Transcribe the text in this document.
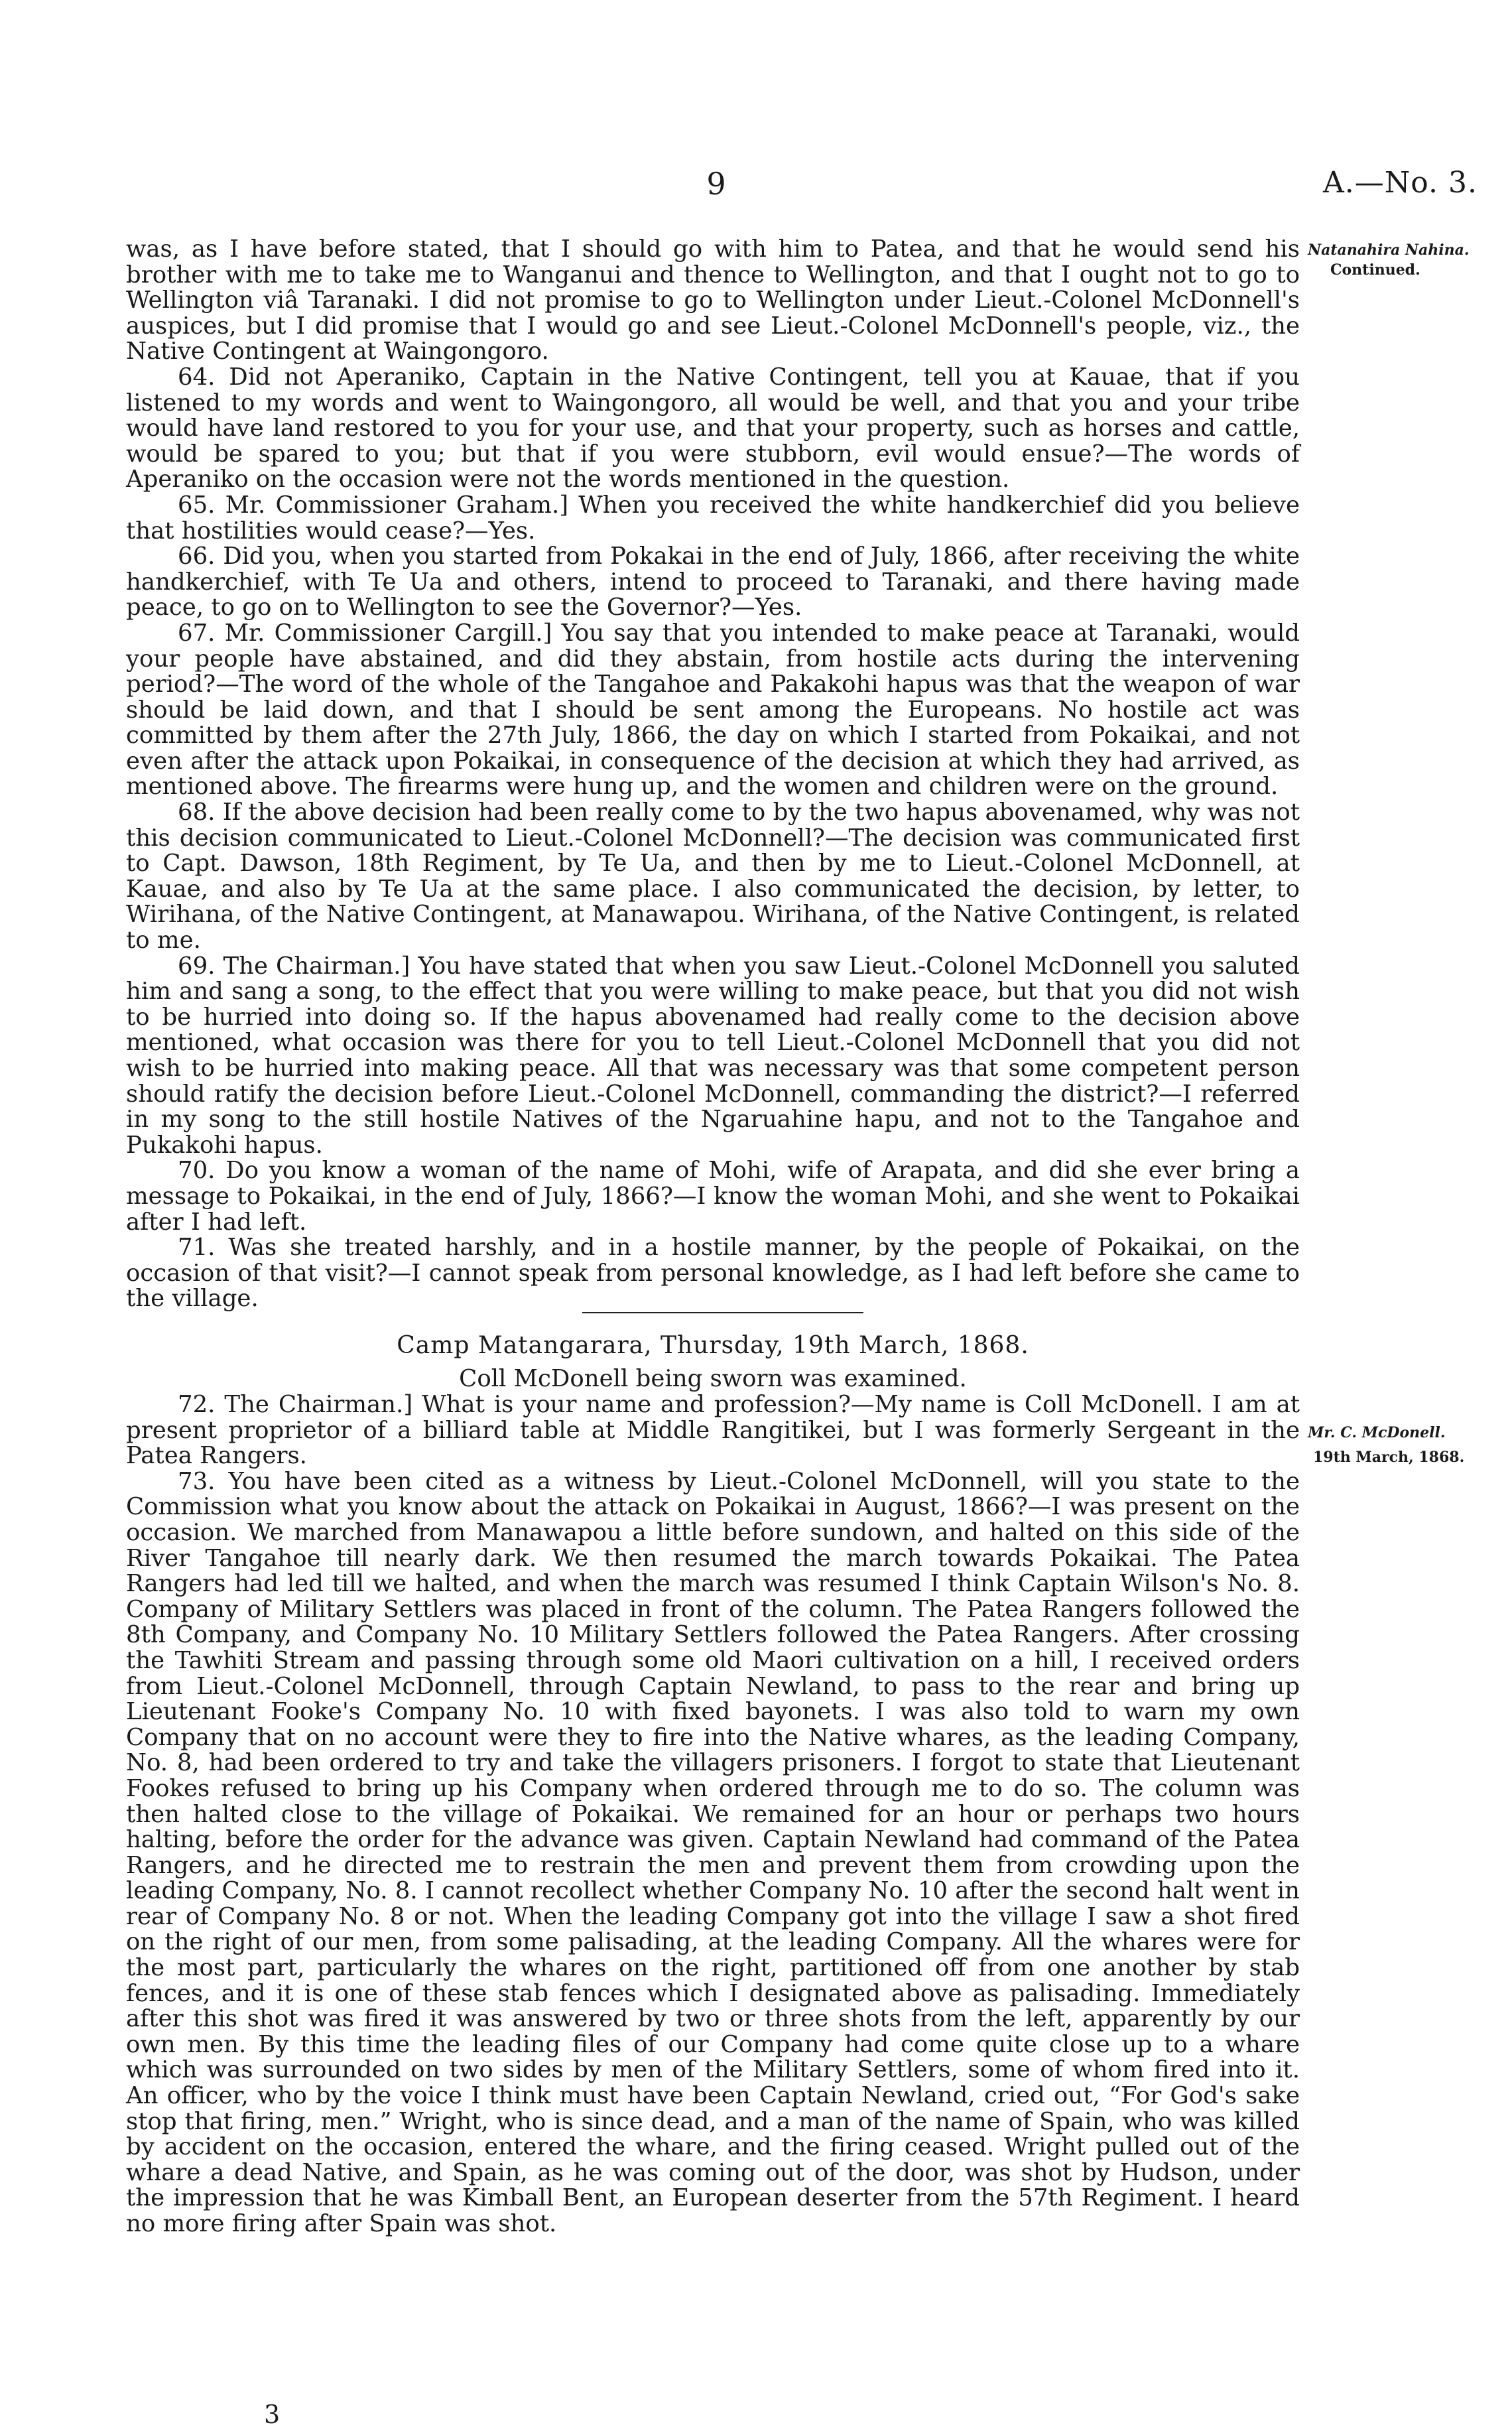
9	A.—No. 3.
Natanahira Nahina.
Continued.

was, as I have before stated, that I should go with him to Patea, and that he would send his brother with me to take me to Wanganui and thence to Wellington, and that I ought not to go to Wellington viâ Taranaki. I did not promise to go to Wellington under Lieut.-Colonel McDonnell's auspices, but I did promise that I would go and see Lieut.-Colonel McDonnell's people, viz., the Native Contingent at Waingongoro.

64. Did not Aperaniko, Captain in the Native Contingent, tell you at Kauae, that if you listened to my words and went to Waingongoro, all would be well, and that you and your tribe would have land restored to you for your use, and that your property, such as horses and cattle, would be spared to you; but that if you were stubborn, evil would ensue?—The words of Aperaniko on the occasion were not the words mentioned in the question.

65. Mr. Commissioner Graham.] When you received the white handkerchief did you believe that hostilities would cease?—Yes.

66. Did you, when you started from Pokakai in the end of July, 1866, after receiving the white handkerchief, with Te Ua and others, intend to proceed to Taranaki, and there having made peace, to go on to Wellington to see the Governor?—Yes.

67. Mr. Commissioner Cargill.] You say that you intended to make peace at Taranaki, would your people have abstained, and did they abstain, from hostile acts during the intervening period?—The word of the whole of the Tangahoe and Pakakohi hapus was that the weapon of war should be laid down, and that I should be sent among the Europeans. No hostile act was committed by them after the 27th July, 1866, the day on which I started from Pokaikai, and not even after the attack upon Pokaikai, in consequence of the decision at which they had arrived, as mentioned above. The firearms were hung up, and the women and children were on the ground.

68. If the above decision had been really come to by the two hapus abovenamed, why was not this decision communicated to Lieut.-Colonel McDonnell?—The decision was communicated first to Capt. Dawson, 18th Regiment, by Te Ua, and then by me to Lieut.-Colonel McDonnell, at Kauae, and also by Te Ua at the same place. I also communicated the decision, by letter, to Wirihana, of the Native Contingent, at Manawapou. Wirihana, of the Native Contingent, is related to me.

69. The Chairman.] You have stated that when you saw Lieut.-Colonel McDonnell you saluted him and sang a song, to the effect that you were willing to make peace, but that you did not wish to be hurried into doing so. If the hapus abovenamed had really come to the decision above mentioned, what occasion was there for you to tell Lieut.-Colonel McDonnell that you did not wish to be hurried into making peace. All that was necessary was that some competent person should ratify the decision before Lieut.-Colonel McDonnell, commanding the district?—I referred in my song to the still hostile Natives of the Ngaruahine hapu, and not to the Tangahoe and Pukakohi hapus.

70. Do you know a woman of the name of Mohi, wife of Arapata, and did she ever bring a message to Pokaikai, in the end of July, 1866?—I know the woman Mohi, and she went to Pokaikai after I had left.

71. Was she treated harshly, and in a hostile manner, by the people of Pokaikai, on the occasion of that visit?—I cannot speak from personal knowledge, as I had left before she came to the village.

Camp Matangarara, Thursday, 19th March, 1868.
Coll McDonell being sworn was examined.
Mr. C. McDonell.
19th March, 1868.

72. The Chairman.] What is your name and profession?—My name is Coll McDonell. I am at present proprietor of a billiard table at Middle Rangitikei, but I was formerly Sergeant in the Patea Rangers.

73. You have been cited as a witness by Lieut.-Colonel McDonnell, will you state to the Commission what you know about the attack on Pokaikai in August, 1866?—I was present on the occasion. We marched from Manawapou a little before sundown, and halted on this side of the River Tangahoe till nearly dark. We then resumed the march towards Pokaikai. The Patea Rangers had led till we halted, and when the march was resumed I think Captain Wilson's No. 8. Company of Military Settlers was placed in front of the column. The Patea Rangers followed the 8th Company, and Company No. 10 Military Settlers followed the Patea Rangers. After crossing the Tawhiti Stream and passing through some old Maori cultivation on a hill, I received orders from Lieut.-Colonel McDonnell, through Captain Newland, to pass to the rear and bring up Lieutenant Fooke's Company No. 10 with fixed bayonets. I was also told to warn my own Company that on no account were they to fire into the Native whares, as the leading Company, No. 8, had been ordered to try and take the villagers prisoners. I forgot to state that Lieutenant Fookes refused to bring up his Company when ordered through me to do so. The column was then halted close to the village of Pokaikai. We remained for an hour or perhaps two hours halting, before the order for the advance was given. Captain Newland had command of the Patea Rangers, and he directed me to restrain the men and prevent them from crowding upon the leading Company, No. 8. I cannot recollect whether Company No. 10 after the second halt went in rear of Company No. 8 or not. When the leading Company got into the village I saw a shot fired on the right of our men, from some palisading, at the leading Company. All the whares were for the most part, particularly the whares on the right, partitioned off from one another by stab fences, and it is one of these stab fences which I designated above as palisading. Immediately after this shot was fired it was answered by two or three shots from the left, apparently by our own men. By this time the leading files of our Company had come quite close up to a whare which was surrounded on two sides by men of the Military Settlers, some of whom fired into it. An officer, who by the voice I think must have been Captain Newland, cried out, “For God's sake stop that firing, men.” Wright, who is since dead, and a man of the name of Spain, who was killed by accident on the occasion, entered the whare, and the firing ceased. Wright pulled out of the whare a dead Native, and Spain, as he was coming out of the door, was shot by Hudson, under the impression that he was Kimball Bent, an European deserter from the 57th Regiment. I heard no more firing after Spain was shot.

3
